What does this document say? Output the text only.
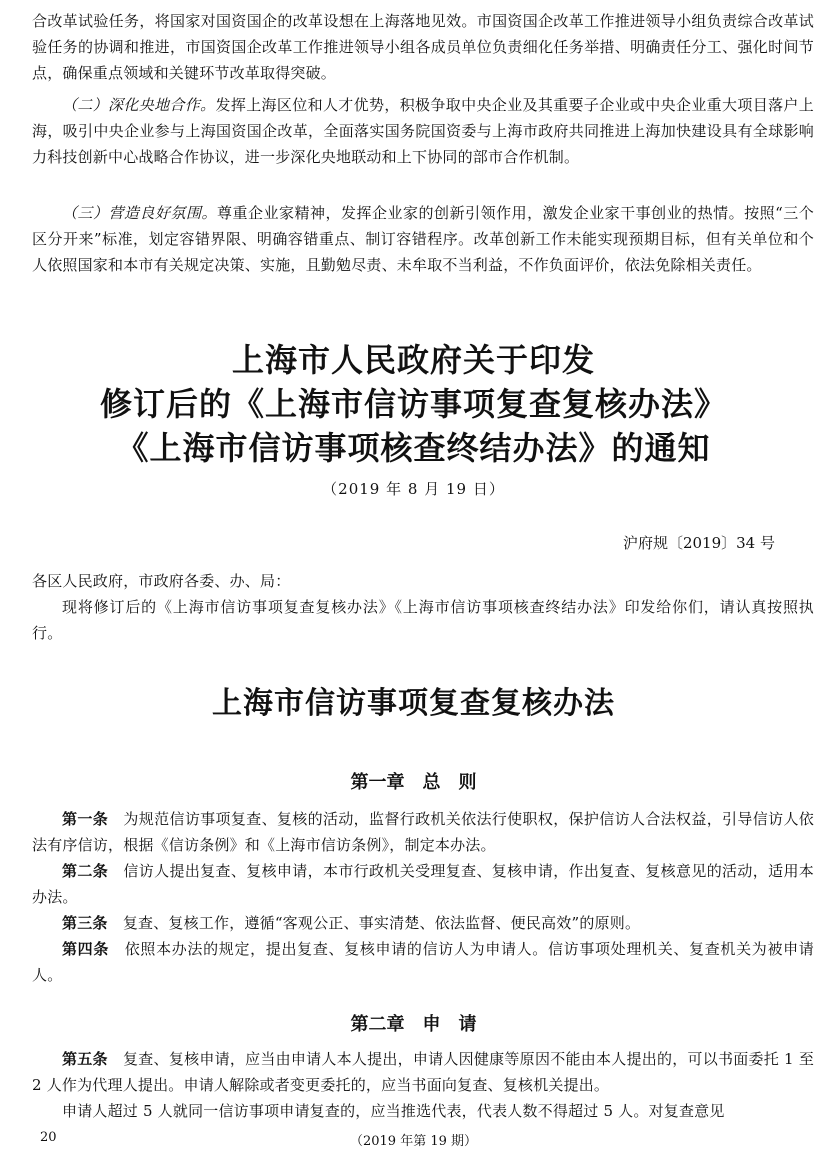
合改革试验任务，将国家对国资国企的改革设想在上海落地见效。市国资国企改革工作推进领导小组负责综合改革试验任务的协调和推进，市国资国企改革工作推进领导小组各成员单位负责细化任务举措、明确责任分工、强化时间节点，确保重点领域和关键环节改革取得突破。

（二）深化央地合作。发挥上海区位和人才优势，积极争取中央企业及其重要子企业或中央企业重大项目落户上海，吸引中央企业参与上海国资国企改革，全面落实国务院国资委与上海市政府共同推进上海加快建设具有全球影响力科技创新中心战略合作协议，进一步深化央地联动和上下协同的部市合作机制。

（三）营造良好氛围。尊重企业家精神，发挥企业家的创新引领作用，激发企业家干事创业的热情。按照“三个区分开来”标准，划定容错界限、明确容错重点、制订容错程序。改革创新工作未能实现预期目标，但有关单位和个人依照国家和本市有关规定决策、实施，且勤勉尽责、未牟取不当利益，不作负面评价，依法免除相关责任。

上海市人民政府关于印发
修订后的《上海市信访事项复查复核办法》
《上海市信访事项核查终结办法》的通知
（2019 年 8 月 19 日）
沪府规〔2019〕34 号

各区人民政府，市政府各委、办、局：

现将修订后的《上海市信访事项复查复核办法》《上海市信访事项核查终结办法》印发给你们，请认真按照执行。

上海市信访事项复查复核办法
第一章　总　则

第一条　 为规范信访事项复查、复核的活动，监督行政机关依法行使职权，保护信访人合法权益，引导信访人依法有序信访，根据《信访条例》和《上海市信访条例》，制定本办法。

第二条　 信访人提出复查、复核申请，本市行政机关受理复查、复核申请，作出复查、复核意见的活动，适用本办法。

第三条　 复查、复核工作，遵循“客观公正、事实清楚、依法监督、便民高效”的原则。

第四条　 依照本办法的规定，提出复查、复核申请的信访人为申请人。信访事项处理机关、复查机关为被申请人。

第二章　申　请

第五条　 复查、复核申请，应当由申请人本人提出，申请人因健康等原因不能由本人提出的，可以书面委托 1 至 2 人作为代理人提出。申请人解除或者变更委托的，应当书面向复查、复核机关提出。

申请人超过 5 人就同一信访事项申请复查的，应当推选代表，代表人数不得超过 5 人。对复查意见

20	（2019 年第 19 期）
